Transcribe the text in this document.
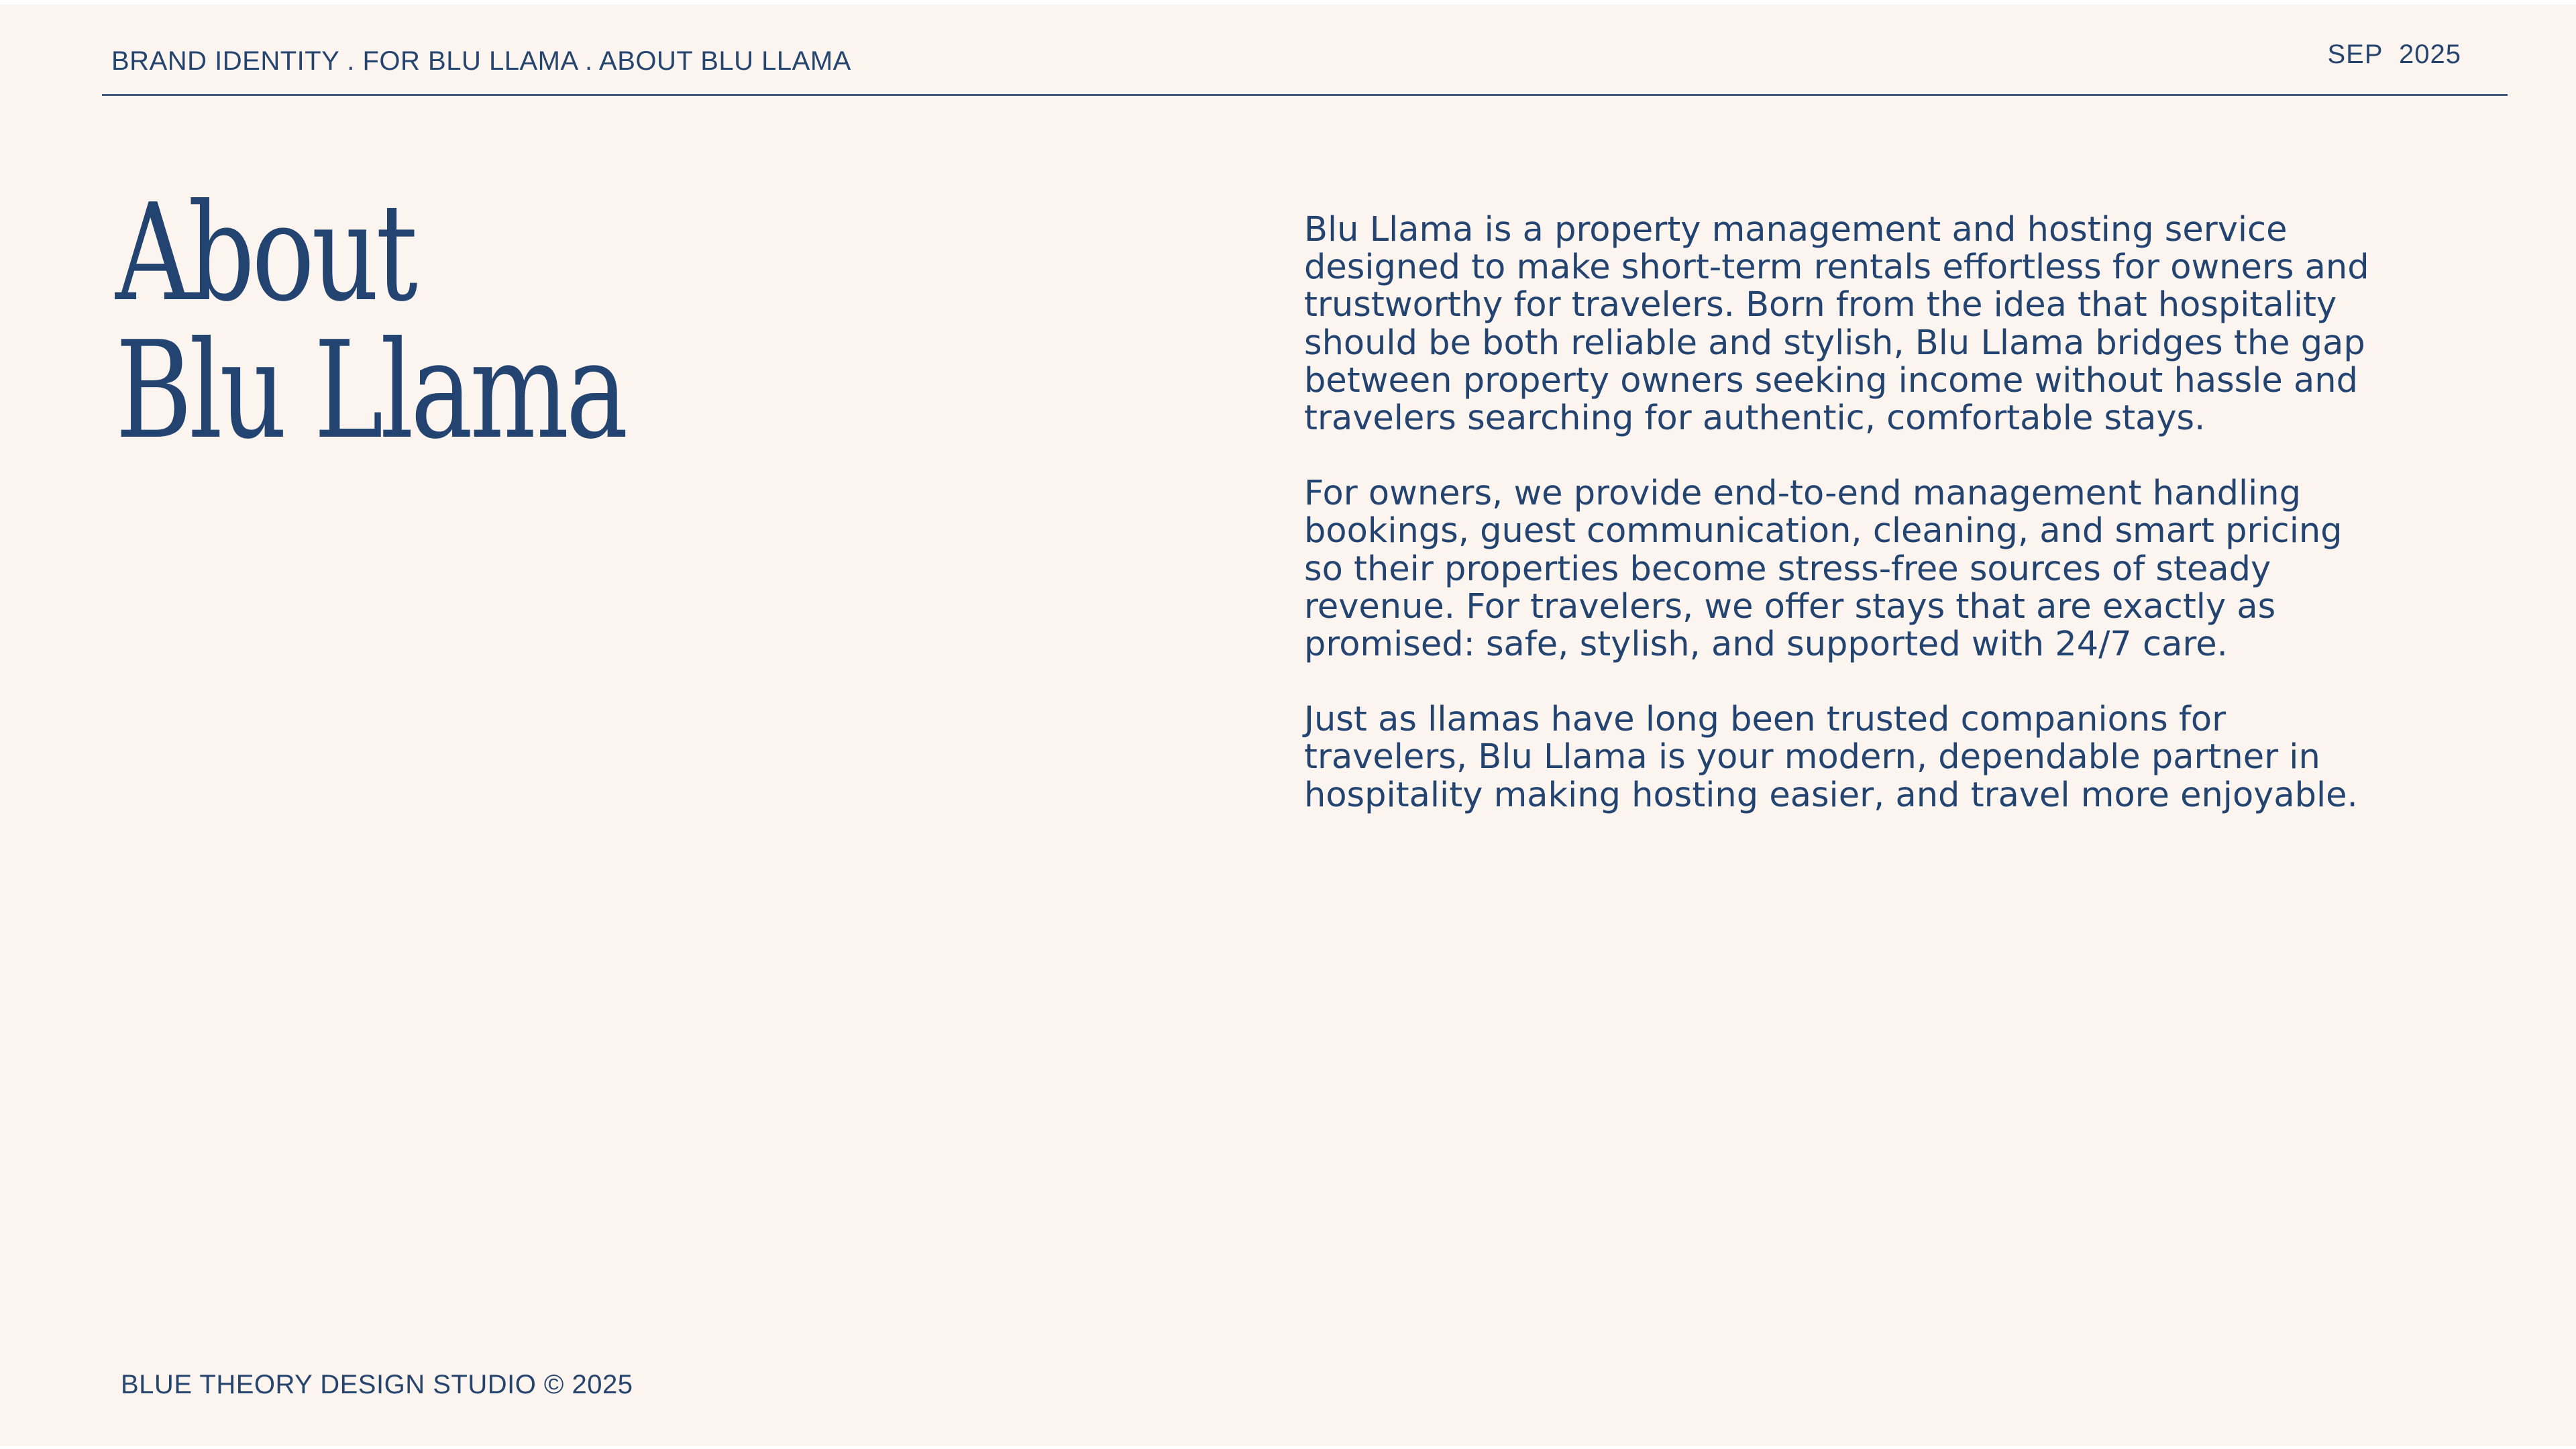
BRAND IDENTITY . FOR BLU LLAMA . ABOUT BLU LLAMA	SEP  2025
About
Blu Llama

Blu Llama is a property management and hosting service designed to make short-term rentals effortless for owners and trustworthy for travelers. Born from the idea that hospitality should be both reliable and stylish, Blu Llama bridges the gap between property owners seeking income without hassle and travelers searching for authentic, comfortable stays.

For owners, we provide end-to-end management handling bookings, guest communication, cleaning, and smart pricing so their properties become stress-free sources of steady revenue. For travelers, we offer stays that are exactly as promised: safe, stylish, and supported with 24/7 care.

Just as llamas have long been trusted companions for travelers, Blu Llama is your modern, dependable partner in hospitality making hosting easier, and travel more enjoyable.

BLUE THEORY DESIGN STUDIO © 2025
